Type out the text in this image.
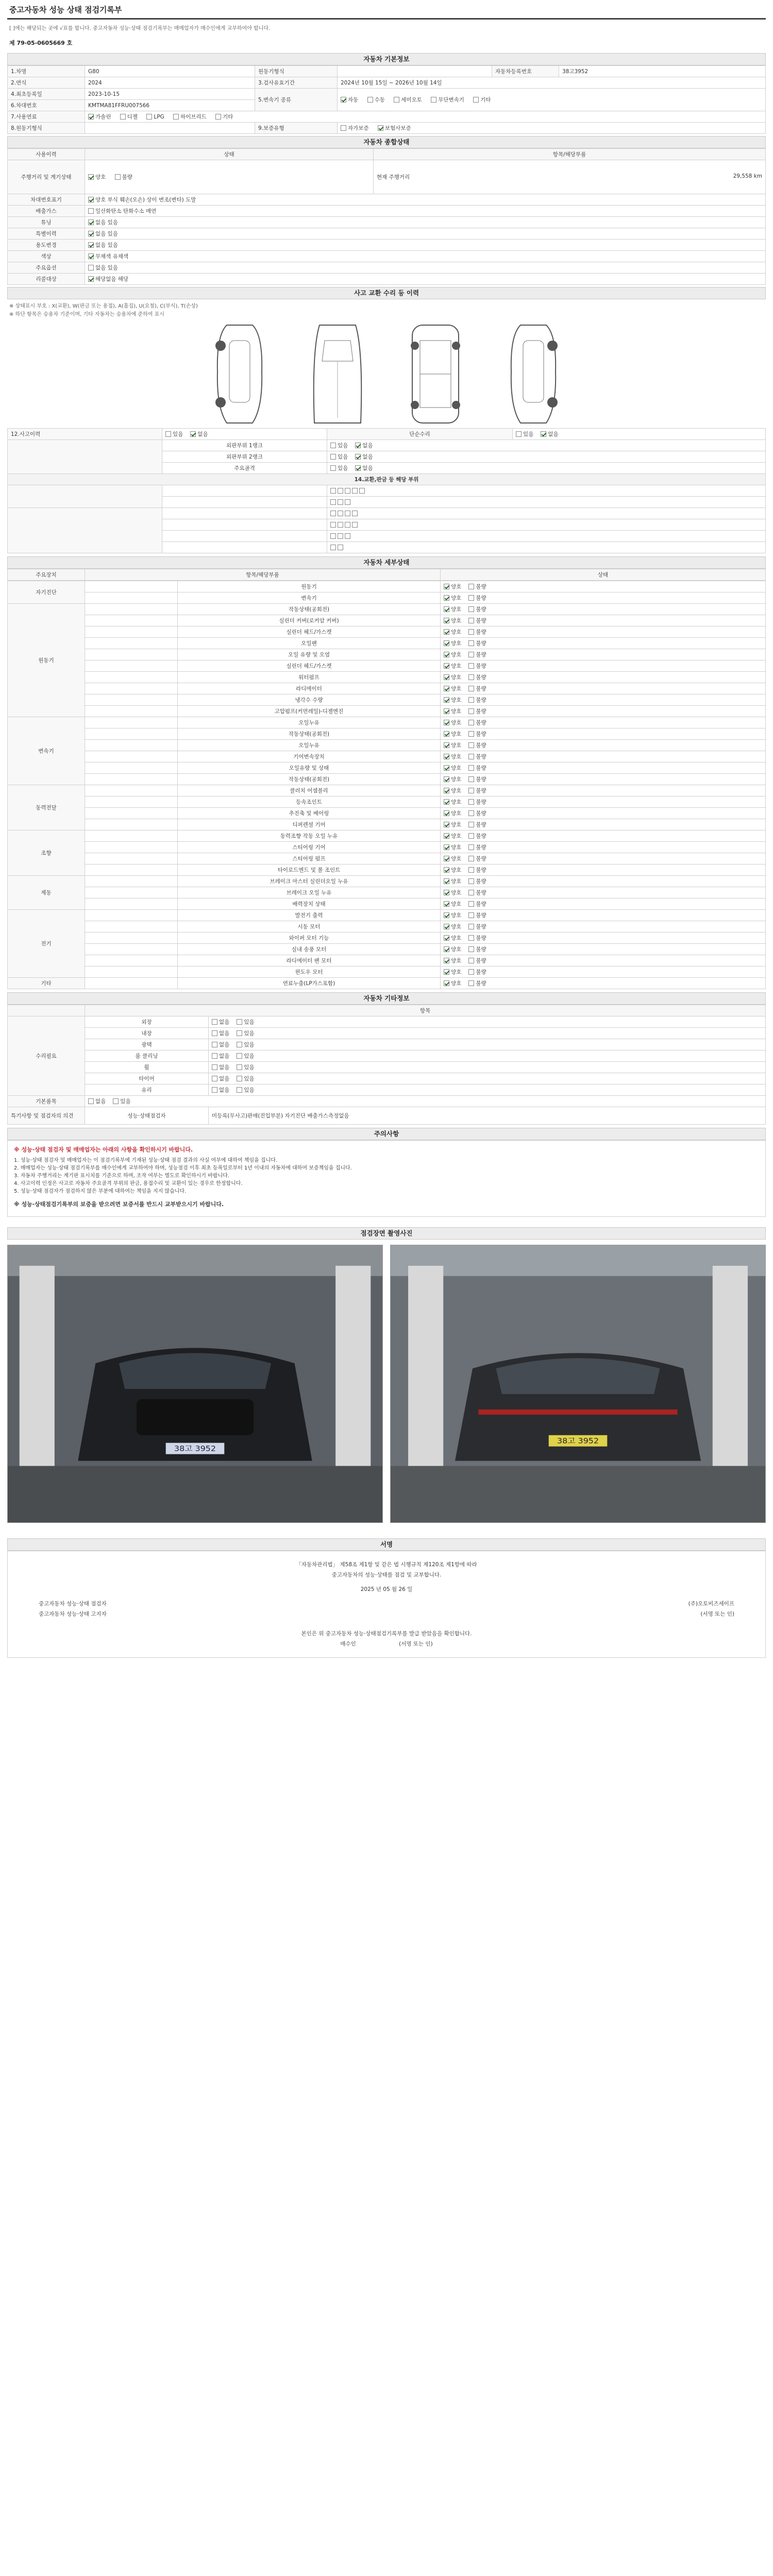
중고자동차 성능 상태 점검기록부
[ ]에는 해당되는 곳에 √표를 합니다. 중고자동차 성능·상태 점검기록부는 매매업자가 매수인에게 교부하여야 합니다.
제 79-05-0605669 호
자동차 기본정보
1.차명	G80	원동기형식		자동차등록번호	38고3952
2.연식	2024	3.검사유효기간	2024년 10월 15일 ~ 2026년 10월 14일		
4.최초등록일	2023-10-15	5.변속기 종류	자동 수동 세미오토 무단변속기 기타		
6.차대번호	KMTMA81FFRU007566				
7.사용연료	가솔린 디젤 LPG 하이브리드 기타				
8.원동기형식		9.보증유형	자가보증 보험사보증		
자동차 종합상태
사용이력	상태	항목/해당부품
주행거리 및 계기상태	양호 불량	현재 주행거리 29,558 km

차대번호표기	양호 부식 훼손(오손) 상이 변조(변타) 도말	
배출가스	일산화탄소 탄화수소 매연	
튜닝	없음 있음	
특별이력	없음 있음	
용도변경	없음 있음	
색상	무채색 유채색	
주요옵션	없음 있음	
리콜대상	해당없음 해당	
사고 교환 수리 등 이력
※ 상태표시 부호 : X(교환), W(판금 또는 용접), A(흠집), U(요철), C(부식), T(손상)
※ 하단 항목은 승용차 기준이며, 기타 자동차는 승용차에 준하여 표시
12.사고이력	있음 없음	단순수리	있음 없음
	외판부위 1랭크	있음 없음	
	외판부위 2랭크	있음 없음	
	주요골격	있음 없음	
14.교환,판금 등 해당 부위			

자동차 세부상태
주요장치	항목/해당부품	상태
자기진단		원동기	양호 불량
		변속기	양호 불량
원동기		작동상태(공회전)	양호 불량
		실린더 커버(로커암 커버)	양호 불량
		실린더 헤드/가스켓	양호 불량
		오일팬	양호 불량
		오일 유량 및 오염	양호 불량
		실린더 헤드/가스켓	양호 불량
		워터펌프	양호 불량
		라디에이터	양호 불량
		냉각수 수량	양호 불량
		고압펌프(커먼레일)-디젤엔진	양호 불량
변속기		오일누유	양호 불량
		작동상태(공회전)	양호 불량
		오일누유	양호 불량
		기어변속장치	양호 불량
		오일유량 및 상태	양호 불량
		작동상태(공회전)	양호 불량
동력전달		클러치 어셈블리	양호 불량
		등속조인트	양호 불량
		추진축 및 베어링	양호 불량
		디퍼렌셜 기어	양호 불량
조향		동력조향 작동 오일 누유	양호 불량
		스티어링 기어	양호 불량
		스티어링 펌프	양호 불량
		타이로드엔드 및 볼 조인트	양호 불량
제동		브레이크 마스터 실린더오일 누유	양호 불량
		브레이크 오일 누유	양호 불량
		배력장치 상태	양호 불량
전기		발전기 출력	양호 불량
		시동 모터	양호 불량
		와이퍼 모터 기능	양호 불량
		실내 송풍 모터	양호 불량
		라디에이터 팬 모터	양호 불량
		윈도우 모터	양호 불량
기타		연료누출(LP가스포함)	양호 불량
자동차 기타정보
	항목	
수리필요	외장	없음 있음
	내장	없음 있음
	광택	없음 있음
	룸 클리닝	없음 있음
	휠	없음 있음
	타이어	없음 있음
	유리	없음 있음
기본품목	없음 있음	
특기사항 및 점검자의 의견	성능·상태점검자	미등록(무사고)판매(진입부분) 자기진단 배출가스측정없음
주의사항
※ 성능·상태 점검자 및 매매업자는 아래의 사항을 확인하시기 바랍니다.
1. 성능·상태 점검자 및 매매업자는 이 점검기록부에 기재된 성능·상태 점검 결과의 사실 여부에 대하여 책임을 집니다.
2. 매매업자는 성능·상태 점검기록부를 매수인에게 교부하여야 하며, 성능점검 이후 최초 등록일로부터 1년 이내의 자동차에 대하여 보증책임을 집니다.
3. 자동차 주행거리는 계기판 표시치를 기준으로 하며, 조작 여부는 별도로 확인하시기 바랍니다.
4. 사고이력 인정은 사고로 자동차 주요골격 부위의 판금, 용접수리 및 교환이 있는 경우로 한정합니다.
5. 성능·상태 점검자가 점검하지 않은 부분에 대하여는 책임을 지지 않습니다.
※ 성능·상태점검기록부의 보증을 받으려면 보증서를 반드시 교부받으시기 바랍니다.
점검장면 촬영사진
38고 3952
38고 3952
서명
「자동차관리법」 제58조 제1항 및 같은 법 시행규칙 제120조 제1항에 따라
중고자동차의 성능·상태를 점검 및 교부합니다.
2025 년 05 월 26 일
중고자동차 성능·상태 점검자	(주)오토비즈세이프
중고자동차 성능·상태 고지자	(서명 또는 인)
본인은 위 중고자동차 성능·상태점검기록부를 발급 받았음을 확인합니다.
매수인	(서명 또는 인)
